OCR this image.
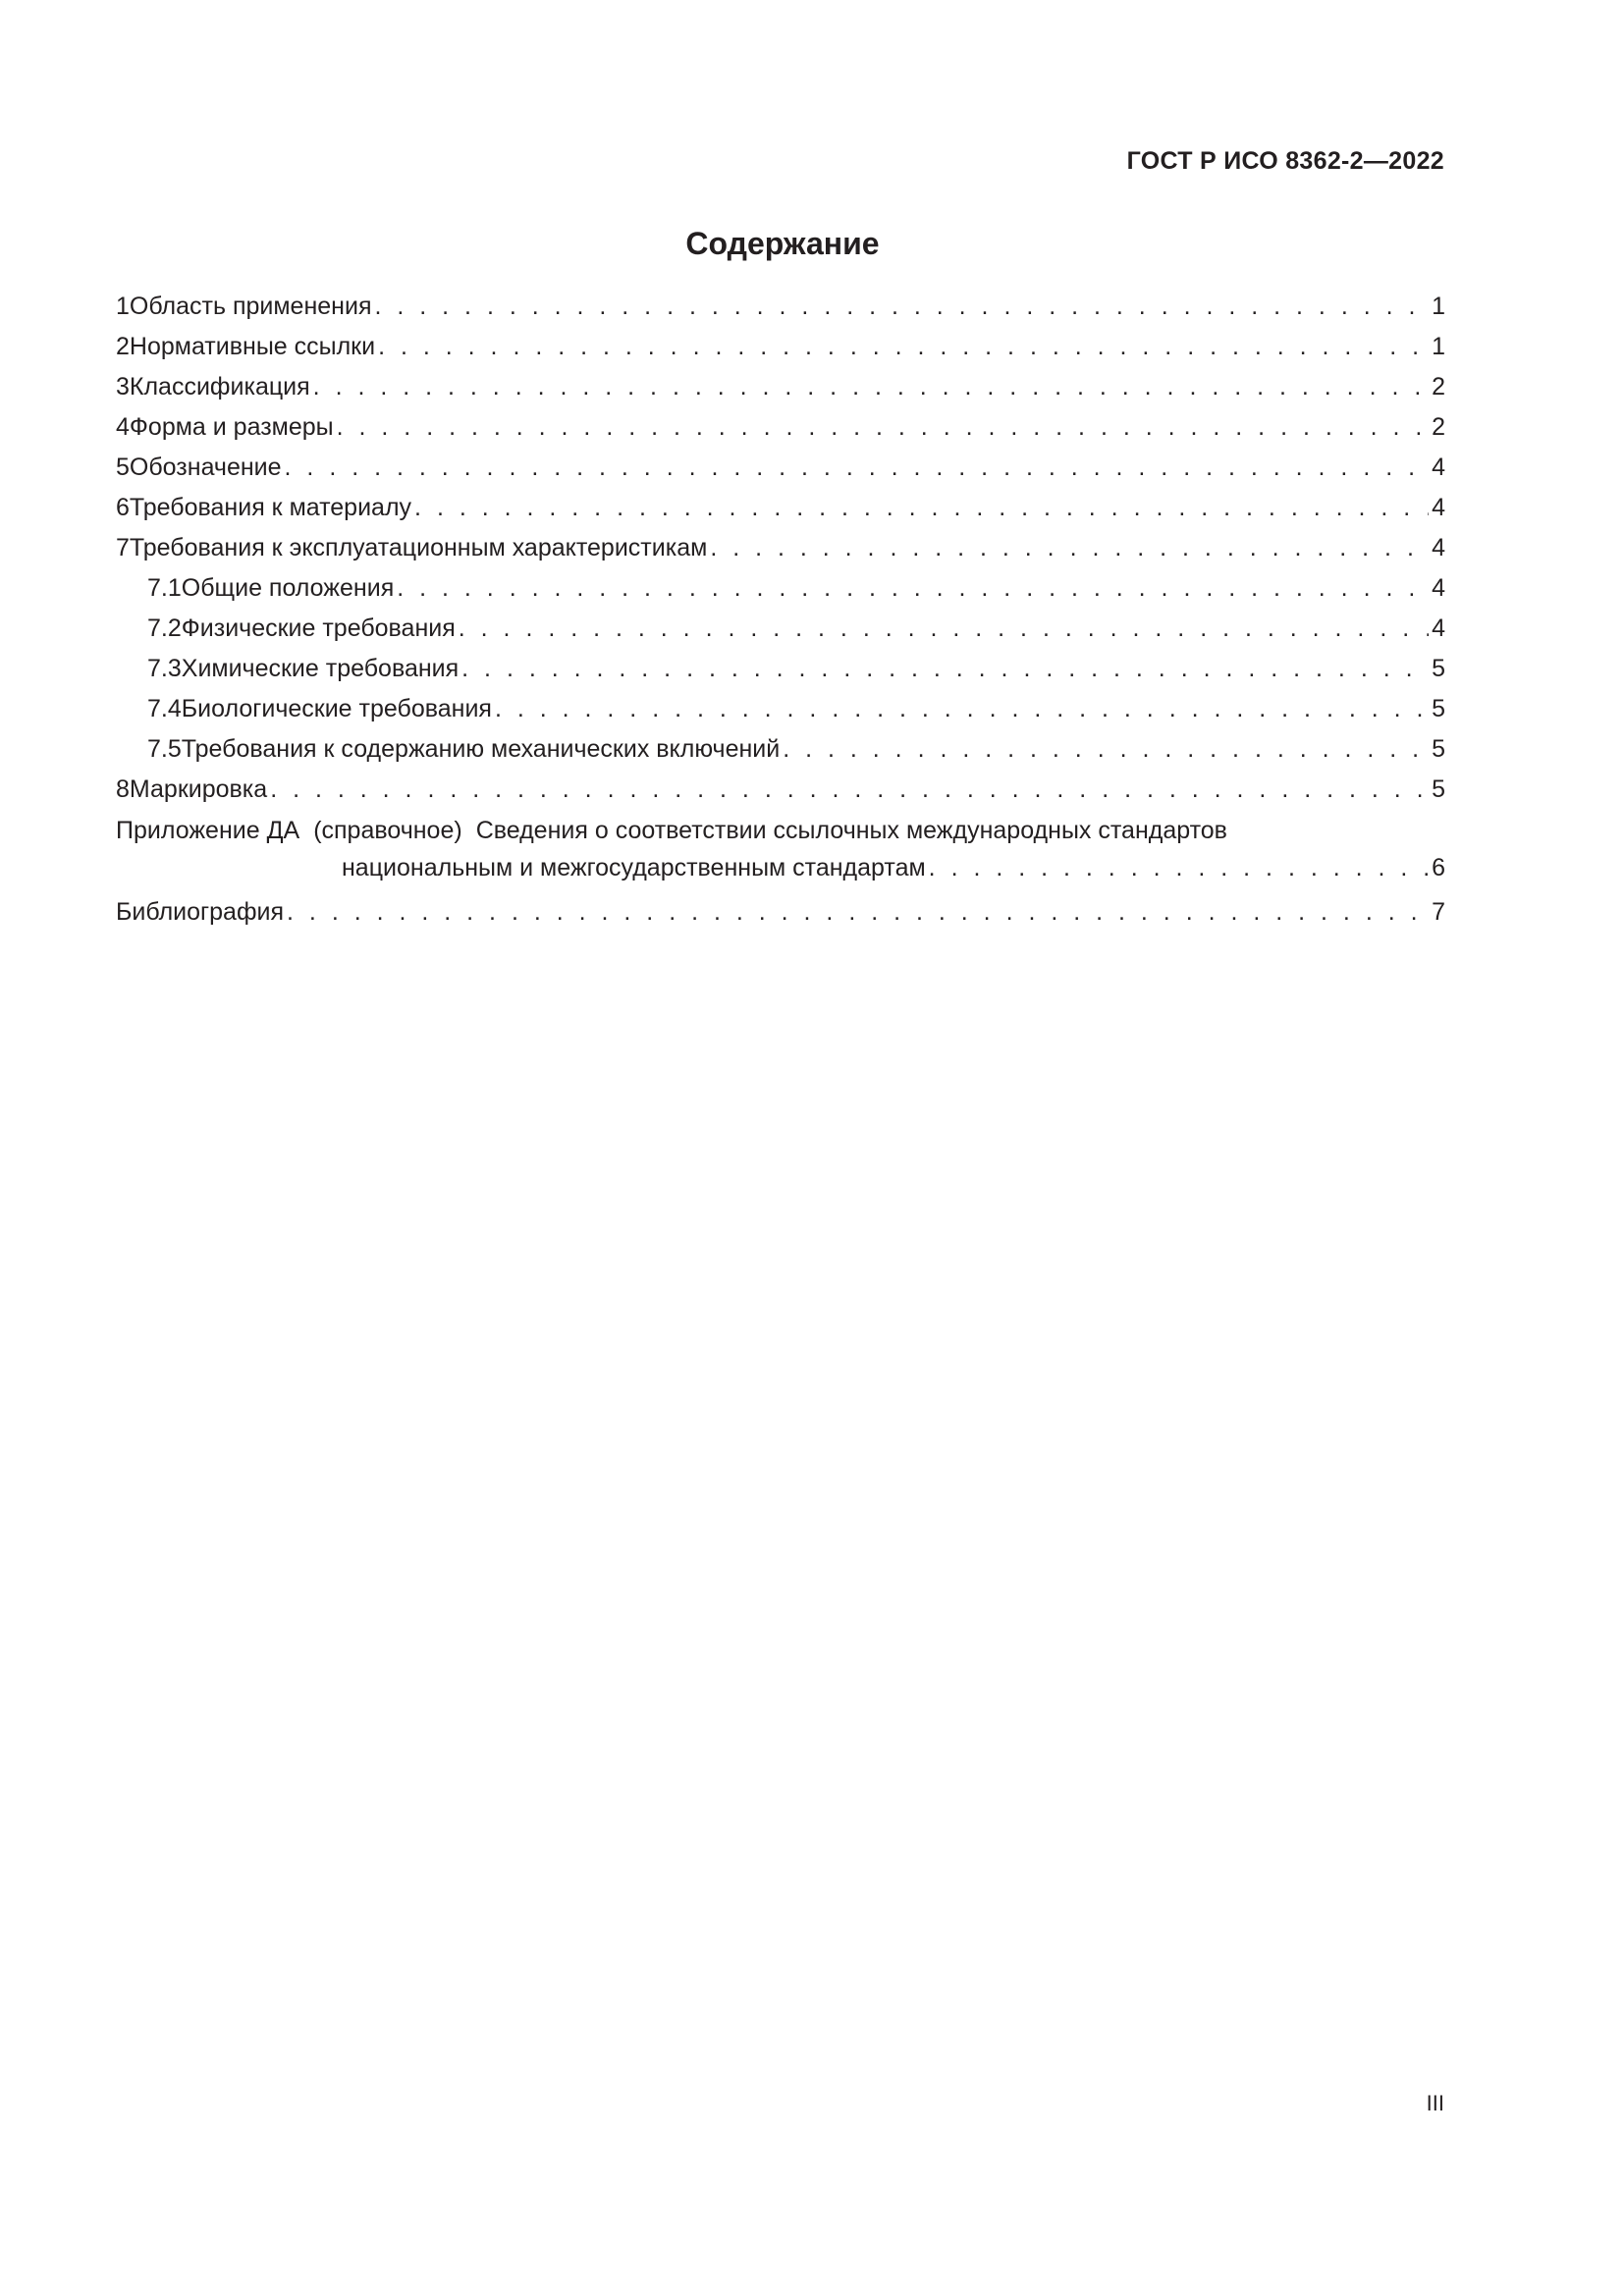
ГОСТ Р ИСО 8362-2—2022
Содержание
1 Область применения . . .	1
2 Нормативные ссылки . . .	1
3 Классификация . . .	2
4 Форма и размеры . . .	2
5 Обозначение . . .	4
6 Требования к материалу . . .	4
7 Требования к эксплуатационным характеристикам . . .	4
7.1 Общие положения . . .	4
7.2 Физические требования . . .	4
7.3 Химические требования . . .	5
7.4 Биологические требования . . .	5
7.5 Требования к содержанию механических включений . . .	5
8 Маркировка . . .	5
Приложение ДА (справочное) Сведения о соответствии ссылочных международных стандартов
национальным и межгосударственным стандартам . . .	6
Библиография . . .	7
III
